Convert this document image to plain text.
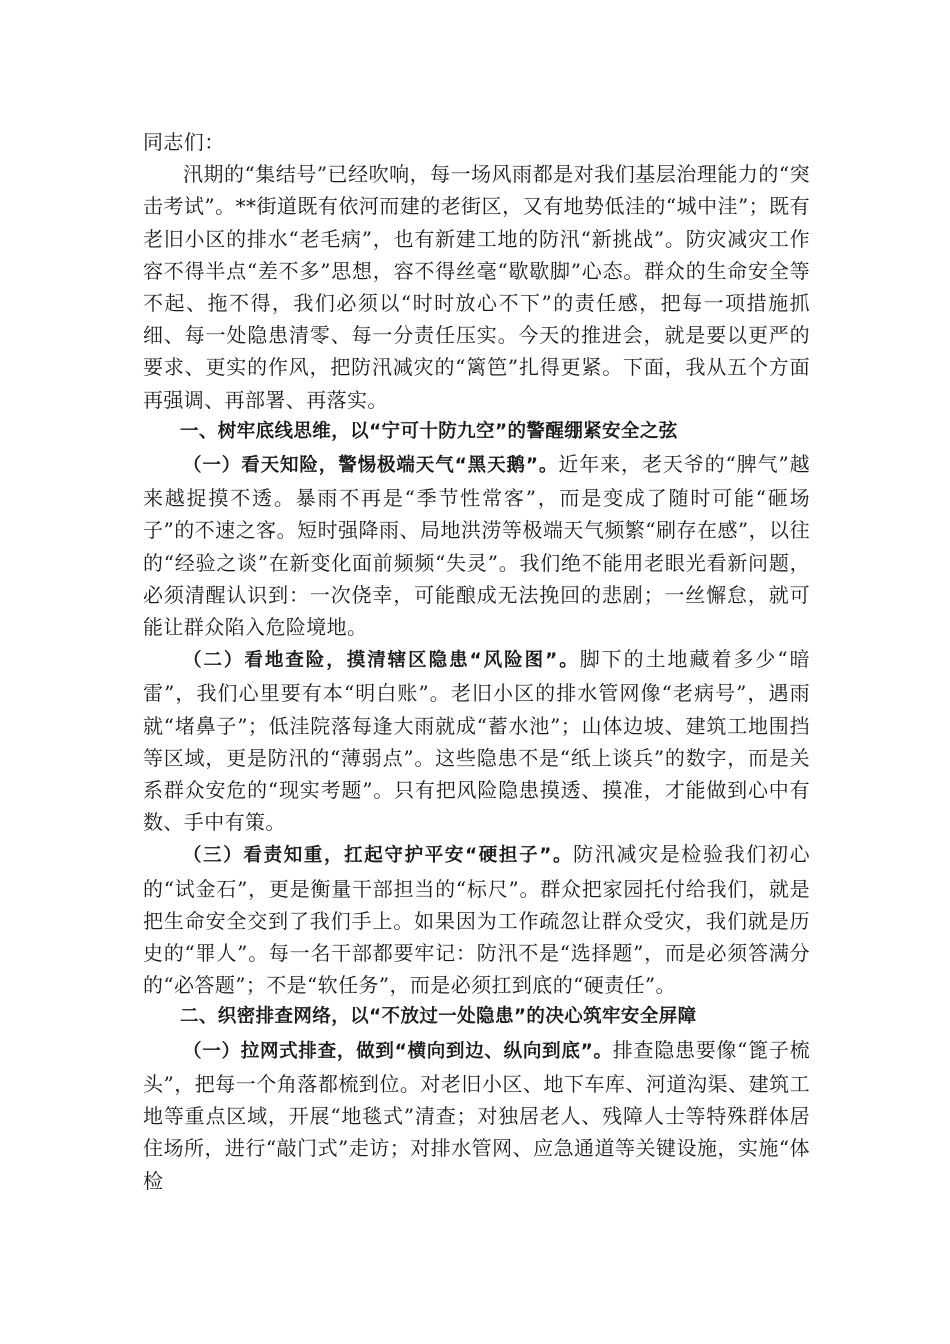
同志们：

汛期的“集结号”已经吹响，每一场风雨都是对我们基层治理能力的“突击考试”。**街道既有依河而建的老街区，又有地势低洼的“城中洼”；既有老旧小区的排水“老毛病”，也有新建工地的防汛“新挑战”。防灾减灾工作容不得半点“差不多”思想，容不得丝毫“歇歇脚”心态。群众的生命安全等不起、拖不得，我们必须以“时时放心不下”的责任感，把每一项措施抓细、每一处隐患清零、每一分责任压实。今天的推进会，就是要以更严的要求、更实的作风，把防汛减灾的“篱笆”扎得更紧。下面，我从五个方面再强调、再部署、再落实。

一、树牢底线思维，以“宁可十防九空”的警醒绷紧安全之弦

（一）看天知险，警惕极端天气“黑天鹅”。近年来，老天爷的“脾气”越来越捉摸不透。暴雨不再是“季节性常客”，而是变成了随时可能“砸场子”的不速之客。短时强降雨、局地洪涝等极端天气频繁“刷存在感”，以往的“经验之谈”在新变化面前频频“失灵”。我们绝不能用老眼光看新问题，必须清醒认识到：一次侥幸，可能酿成无法挽回的悲剧；一丝懈怠，就可能让群众陷入危险境地。

（二）看地查险，摸清辖区隐患“风险图”。脚下的土地藏着多少“暗雷”，我们心里要有本“明白账”。老旧小区的排水管网像“老病号”，遇雨就“堵鼻子”；低洼院落每逢大雨就成“蓄水池”；山体边坡、建筑工地围挡等区域，更是防汛的“薄弱点”。这些隐患不是“纸上谈兵”的数字，而是关系群众安危的“现实考题”。只有把风险隐患摸透、摸准，才能做到心中有数、手中有策。

（三）看责知重，扛起守护平安“硬担子”。防汛减灾是检验我们初心的“试金石”，更是衡量干部担当的“标尺”。群众把家园托付给我们，就是把生命安全交到了我们手上。如果因为工作疏忽让群众受灾，我们就是历史的“罪人”。每一名干部都要牢记：防汛不是“选择题”，而是必须答满分的“必答题”；不是“软任务”，而是必须扛到底的“硬责任”。

二、织密排查网络，以“不放过一处隐患”的决心筑牢安全屏障

（一）拉网式排查，做到“横向到边、纵向到底”。排查隐患要像“篦子梳头”，把每一个角落都梳到位。对老旧小区、地下车库、河道沟渠、建筑工地等重点区域，开展“地毯式”清查；对独居老人、残障人士等特殊群体居住场所，进行“敲门式”走访；对排水管网、应急通道等关键设施，实施“体检
